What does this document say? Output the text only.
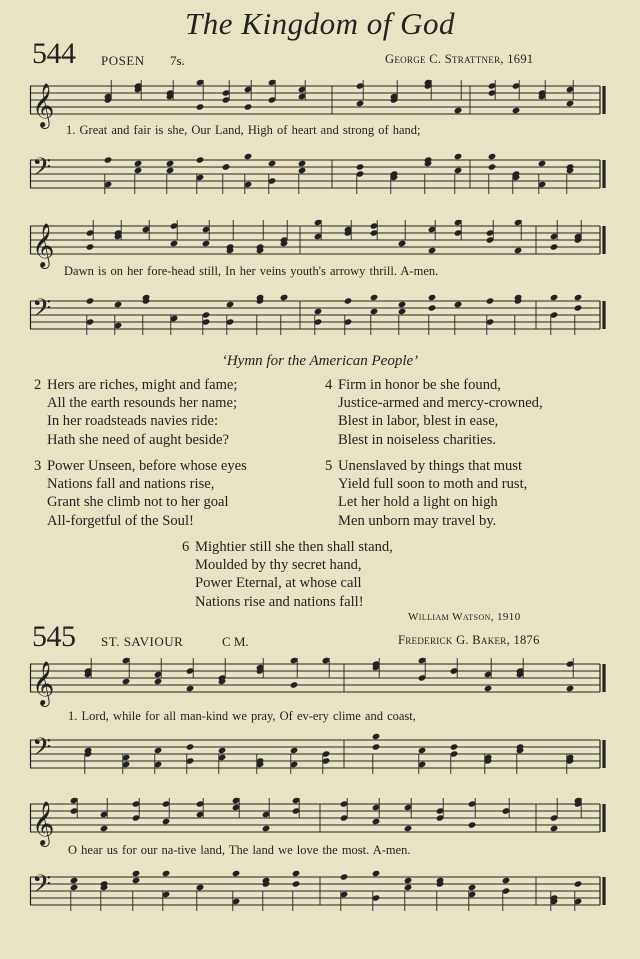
The Kingdom of God
544 POSEN 7s.	George C. Strattner, 1691
𝄞
1. Great and fair is she, Our Land, High of heart and strong of hand;
𝄢
𝄞
Dawn is on her fore-head still, In her veins youth's arrowy thrill. A-men.
𝄢
‘Hymn for the American People’
2 Hers are riches, might and fame;
All the earth resounds her name;
In her roadsteads navies ride:
Hath she need of aught beside?
3 Power Unseen, before whose eyes
Nations fall and nations rise,
Grant she climb not to her goal
All-forgetful of the Soul!
4 Firm in honor be she found,
Justice-armed and mercy-crowned,
Blest in labor, blest in ease,
Blest in noiseless charities.
5 Unenslaved by things that must
Yield full soon to moth and rust,
Let her hold a light on high
Men unborn may travel by.
6 Mightier still she then shall stand,
Moulded by thy secret hand,
Power Eternal, at whose call
Nations rise and nations fall!
William Watson, 1910
545 ST. SAVIOUR	C M.	Frederick G. Baker, 1876
𝄞
1. Lord, while for all man-kind we pray, Of ev-ery clime and coast,
𝄢
𝄞
O hear us for our na-tive land, The land we love the most. A-men.
𝄢
